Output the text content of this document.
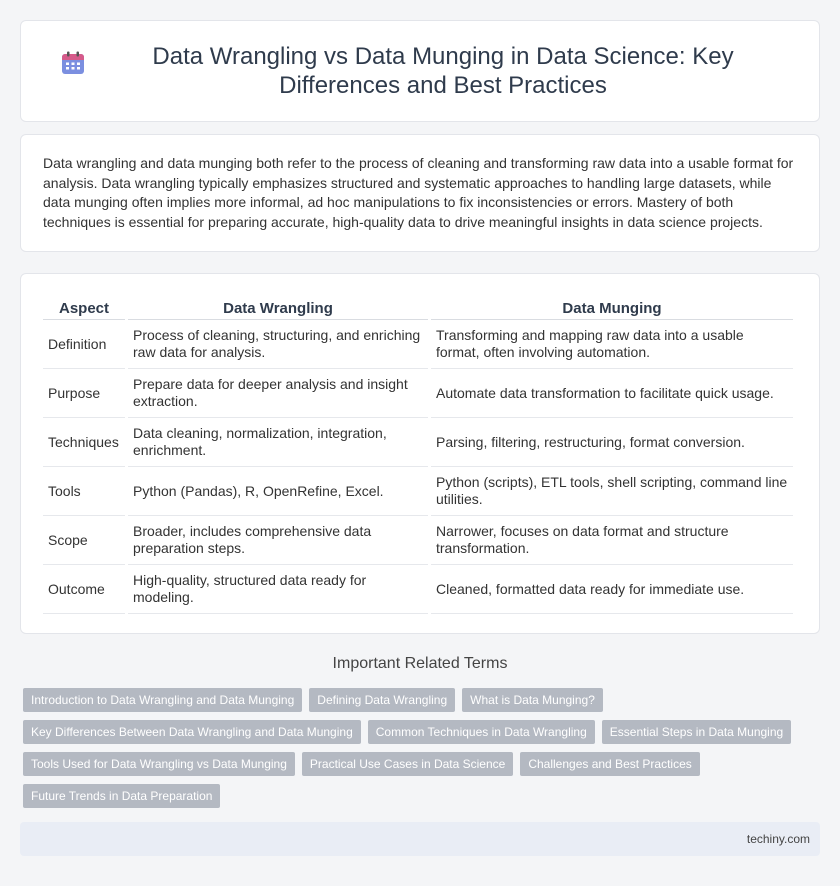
Data Wrangling vs Data Munging in Data Science: Key Differences and Best Practices

Data wrangling and data munging both refer to the process of cleaning and transforming raw data into a usable format for analysis. Data wrangling typically emphasizes structured and systematic approaches to handling large datasets, while data munging often implies more informal, ad hoc manipulations to fix inconsistencies or errors. Mastery of both techniques is essential for preparing accurate, high-quality data to drive meaningful insights in data science projects.

Aspect	Data Wrangling	Data Munging
Definition	Process of cleaning, structuring, and enriching raw data for analysis.	Transforming and mapping raw data into a usable format, often involving automation.
Purpose	Prepare data for deeper analysis and insight extraction.	Automate data transformation to facilitate quick usage.
Techniques	Data cleaning, normalization, integration, enrichment.	Parsing, filtering, restructuring, format conversion.
Tools	Python (Pandas), R, OpenRefine, Excel.	Python (scripts), ETL tools, shell scripting, command line utilities.
Scope	Broader, includes comprehensive data preparation steps.	Narrower, focuses on data format and structure transformation.
Outcome	High-quality, structured data ready for modeling.	Cleaned, formatted data ready for immediate use.
Important Related Terms
Introduction to Data Wrangling and Data Munging	Defining Data Wrangling	What is Data Munging?
Key Differences Between Data Wrangling and Data Munging	Common Techniques in Data Wrangling	Essential Steps in Data Munging
Tools Used for Data Wrangling vs Data Munging	Practical Use Cases in Data Science	Challenges and Best Practices
Future Trends in Data Preparation
techiny.com
